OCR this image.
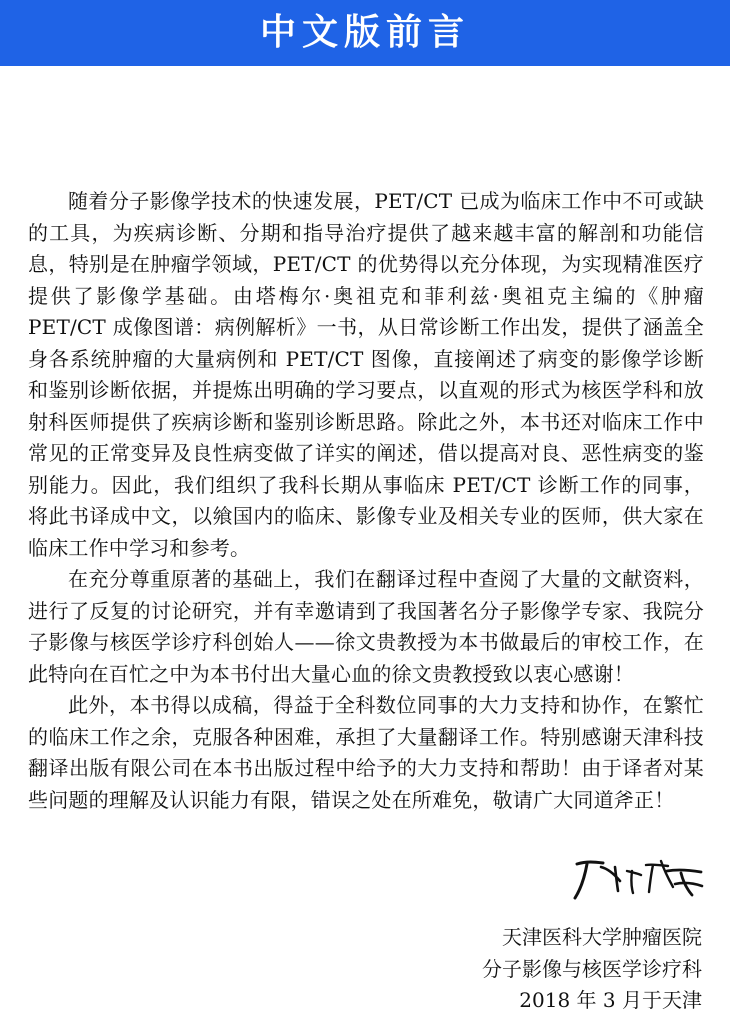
中文版前言

随着分子影像学技术的快速发展，PET/CT 已成为临床工作中不可或缺的工具，为疾病诊断、分期和指导治疗提供了越来越丰富的解剖和功能信息，特别是在肿瘤学领域，PET/CT 的优势得以充分体现，为实现精准医疗提供了影像学基础。由塔梅尔·奥祖克和菲利兹·奥祖克主编的《肿瘤 PET/CT 成像图谱：病例解析》一书，从日常诊断工作出发，提供了涵盖全身各系统肿瘤的大量病例和 PET/CT 图像，直接阐述了病变的影像学诊断和鉴别诊断依据，并提炼出明确的学习要点，以直观的形式为核医学科和放射科医师提供了疾病诊断和鉴别诊断思路。除此之外，本书还对临床工作中常见的正常变异及良性病变做了详实的阐述，借以提高对良、恶性病变的鉴别能力。因此，我们组织了我科长期从事临床 PET/CT 诊断工作的同事，将此书译成中文，以飨国内的临床、影像专业及相关专业的医师，供大家在临床工作中学习和参考。

在充分尊重原著的基础上，我们在翻译过程中查阅了大量的文献资料，进行了反复的讨论研究，并有幸邀请到了我国著名分子影像学专家、我院分子影像与核医学诊疗科创始人——徐文贵教授为本书做最后的审校工作，在此特向在百忙之中为本书付出大量心血的徐文贵教授致以衷心感谢！

此外，本书得以成稿，得益于全科数位同事的大力支持和协作，在繁忙的临床工作之余，克服各种困难，承担了大量翻译工作。特别感谢天津科技翻译出版有限公司在本书出版过程中给予的大力支持和帮助！由于译者对某些问题的理解及认识能力有限，错误之处在所难免，敬请广大同道斧正！

天津医科大学肿瘤医院
分子影像与核医学诊疗科
2018 年 3 月于天津
